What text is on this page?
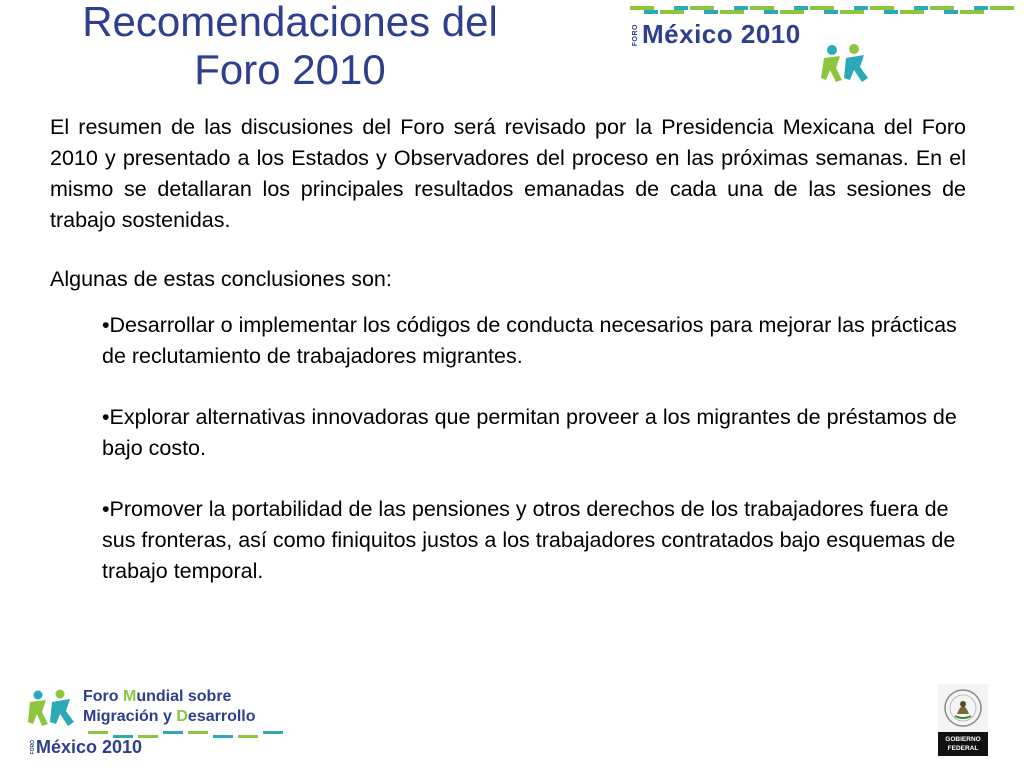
Recomendaciones del
Foro 2010
FORO México 2010

El resumen de las discusiones del Foro será revisado por la Presidencia Mexicana del Foro 2010 y presentado a los Estados y Observadores del proceso en las próximas semanas. En el mismo se detallaran los principales resultados emanadas de cada una de las sesiones de trabajo sostenidas.

Algunas de estas conclusiones son:

•Desarrollar o implementar los códigos de conducta necesarios para mejorar las prácticas de reclutamiento de trabajadores migrantes.
•Explorar alternativas innovadoras que permitan proveer a los migrantes de préstamos de bajo costo.
•Promover la portabilidad de las pensiones y otros derechos de los trabajadores fuera de sus fronteras, así como finiquitos justos a los trabajadores contratados bajo esquemas de trabajo temporal.
Foro Mundial sobre
Migración y Desarrollo
FORO México 2010	GOBIERNO
FEDERAL
